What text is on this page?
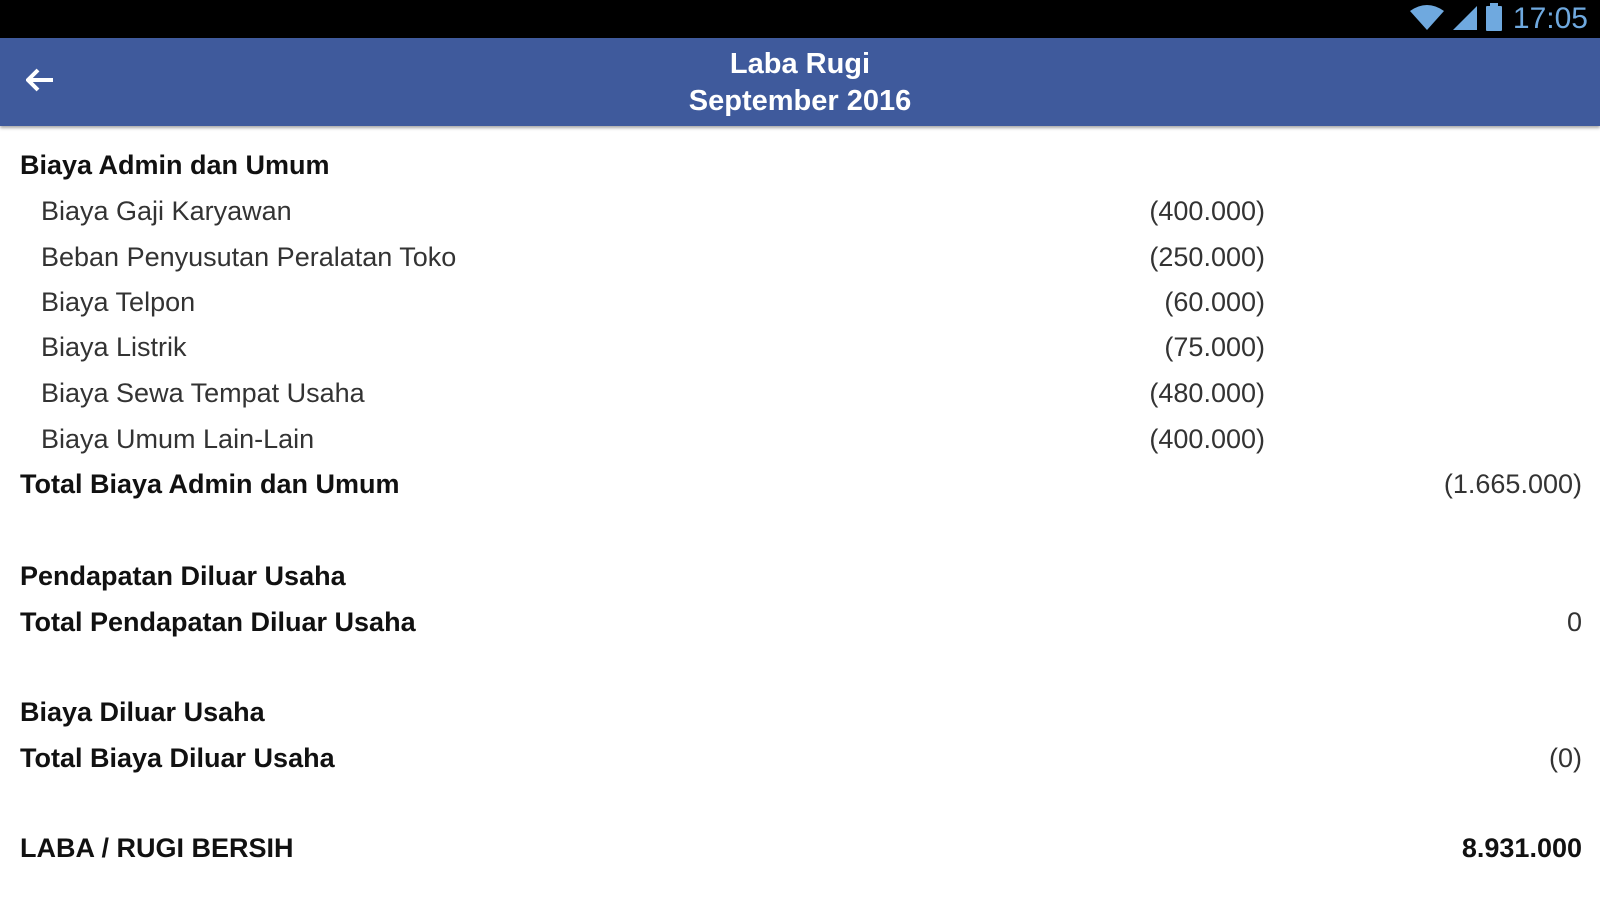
17:05
Laba Rugi
September 2016
Biaya Admin dan Umum
Biaya Gaji Karyawan	(400.000)
Beban Penyusutan Peralatan Toko	(250.000)
Biaya Telpon	(60.000)
Biaya Listrik	(75.000)
Biaya Sewa Tempat Usaha	(480.000)
Biaya Umum Lain-Lain	(400.000)
Total Biaya Admin dan Umum	(1.665.000)
Pendapatan Diluar Usaha
Total Pendapatan Diluar Usaha	0
Biaya Diluar Usaha
Total Biaya Diluar Usaha	(0)
LABA / RUGI BERSIH	8.931.000
